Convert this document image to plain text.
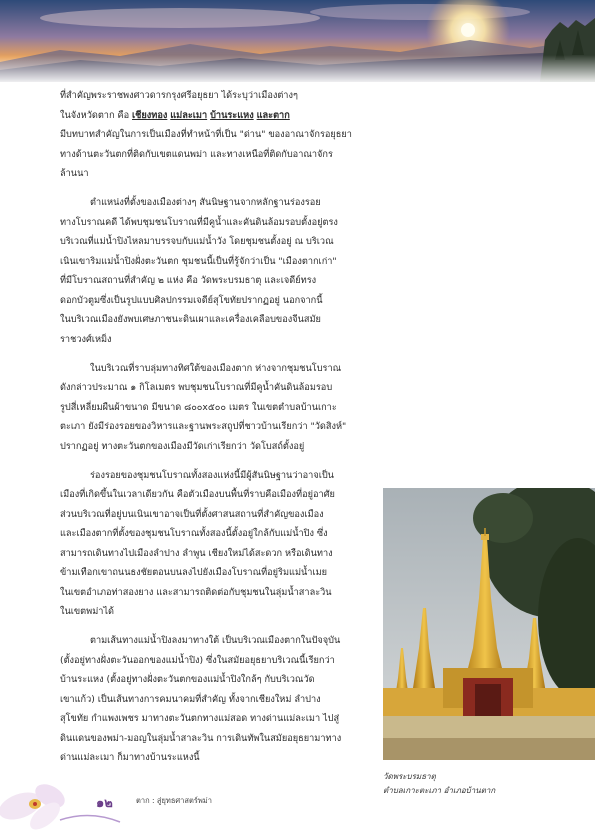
ที่สำคัญพระราชพงศาวดารกรุงศรีอยุธยา ได้ระบุว่าเมืองต่างๆ

ในจังหวัดตาก คือ เชียงทอง แม่ละเมา บ้านระแหง และตาก

มีบทบาทสำคัญในการเป็นเมืองที่ทำหน้าที่เป็น "ด่าน" ของอาณาจักรอยุธยา

ทางด้านตะวันตกที่ติดกับเขตแดนพม่า และทางเหนือที่ติดกับอาณาจักร

ล้านนา

ตำแหน่งที่ตั้งของเมืองต่างๆ สันนิษฐานจากหลักฐานร่องรอย

ทางโบราณคดี ได้พบชุมชนโบราณที่มีคูน้ำและคันดินล้อมรอบตั้งอยู่ตรง

บริเวณที่แม่น้ำปิงไหลมาบรรจบกับแม่น้ำวัง โดยชุมชนตั้งอยู่ ณ บริเวณ

เนินเขาริมแม่น้ำปิงฝั่งตะวันตก ชุมชนนี้เป็นที่รู้จักว่าเป็น "เมืองตากเก่า"

ที่มีโบราณสถานที่สำคัญ ๒ แห่ง คือ วัดพระบรมธาตุ และเจดีย์ทรง

ดอกบัวตูมซึ่งเป็นรูปแบบศิลปกรรมเจดีย์สุโขทัยปรากฏอยู่ นอกจากนี้

ในบริเวณเมืองยังพบเศษภาชนะดินเผาและเครื่องเคลือบของจีนสมัย

ราชวงศ์เหม็ง

ในบริเวณที่ราบลุ่มทางทิศใต้ของเมืองตาก ห่างจากชุมชนโบราณ

ดังกล่าวประมาณ ๑ กิโลเมตร พบชุมชนโบราณที่มีคูน้ำคันดินล้อมรอบ

รูปสี่เหลี่ยมผืนผ้าขนาด มีขนาด ๘๐๐x๕๐๐ เมตร ในเขตตำบลบ้านเกาะ

ตะเภา ยังมีร่องรอยของวิหารและฐานพระสถูปที่ชาวบ้านเรียกว่า "วัดสิงห์"

ปรากฏอยู่ ทางตะวันตกของเมืองมีวัดเก่าเรียกว่า วัดโบสถ์ตั้งอยู่

ร่องรอยของชุมชนโบราณทั้งสองแห่งนี้มีผู้สันนิษฐานว่าอาจเป็น

เมืองที่เกิดขึ้นในเวลาเดียวกัน คือตัวเมืองบนพื้นที่ราบคือเมืองที่อยู่อาศัย

ส่วนบริเวณที่อยู่บนเนินเขาอาจเป็นที่ตั้งศาสนสถานที่สำคัญของเมือง

และเมืองตากที่ตั้งของชุมชนโบราณทั้งสองนี้ตั้งอยู่ใกล้กับแม่น้ำปิง ซึ่ง

สามารถเดินทางไปเมืองลำปาง ลำพูน เชียงใหม่ได้สะดวก หรือเดินทาง

ข้ามเทือกเขาถนนธงชัยตอนบนลงไปยังเมืองโบราณที่อยู่ริมแม่น้ำเมย

ในเขตอำเภอท่าสองยาง และสามารถติดต่อกับชุมชนในลุ่มน้ำสาละวิน

ในเขตพม่าได้

ตามเส้นทางแม่น้ำปิงลงมาทางใต้ เป็นบริเวณเมืองตากในปัจจุบัน

(ตั้งอยู่ทางฝั่งตะวันออกของแม่น้ำปิง) ซึ่งในสมัยอยุธยาบริเวณนี้เรียกว่า

บ้านระแหง (ตั้งอยู่ทางฝั่งตะวันตกของแม่น้ำปิงใกล้ๆ กับบริเวณวัด

เขาแก้ว) เป็นเส้นทางการคมนาคมที่สำคัญ ทั้งจากเชียงใหม่ ลำปาง

สุโขทัย กำแพงเพชร มาทางตะวันตกทางแม่สอด ทางด่านแม่ละเมา ไปสู่

ดินแดนของพม่า-มอญในลุ่มน้ำสาละวิน การเดินทัพในสมัยอยุธยามาทาง

ด่านแม่ละเมา ก็มาทางบ้านระแหงนี้

วัดพระบรมธาตุ
ตำบลเกาะตะเภา อำเภอบ้านตาก
๑๒	ตาก : สู่ยุทธศาสตร์พม่า
